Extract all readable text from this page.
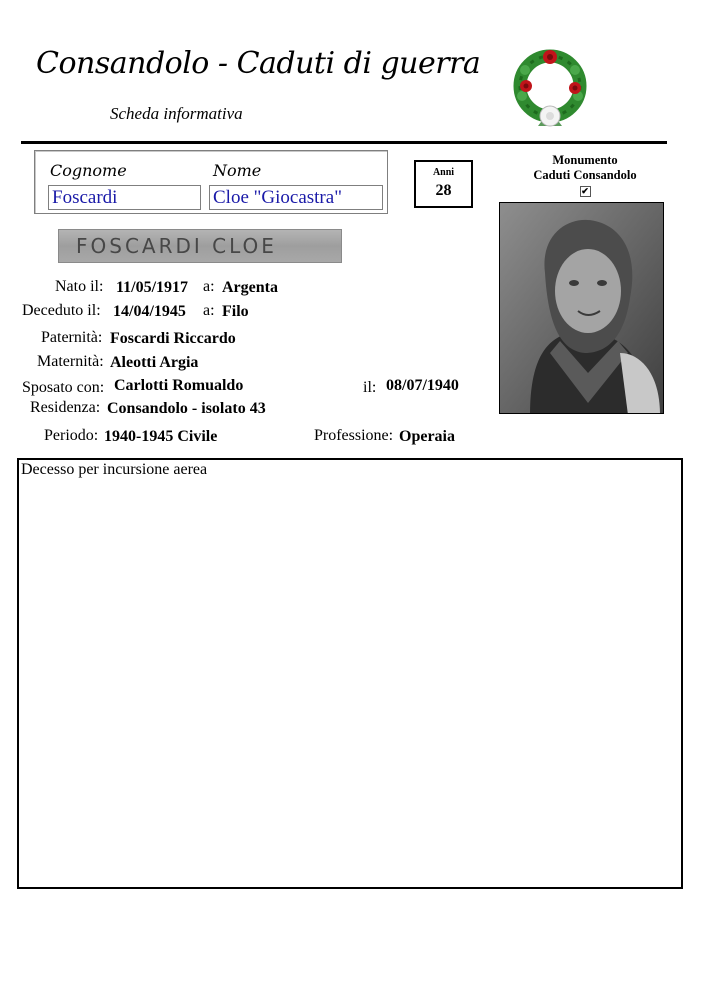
Consandolo - Caduti di guerra
Scheda informativa
Cognome	Nome
Foscardi	Cloe "Giocastra"
Anni
28
Monumento
Caduti Consandolo
✔
FOSCARDI CLOE
Nato il: 11/05/1917 a: Argenta
Deceduto il: 14/04/1945 a: Filo
Paternità: Foscardi Riccardo
Maternità: Aleotti Argia
Sposato con: Carlotti Romualdo	il: 08/07/1940
Residenza: Consandolo - isolato 43
Periodo: 1940-1945 Civile	Professione: Operaia
Decesso per incursione aerea
